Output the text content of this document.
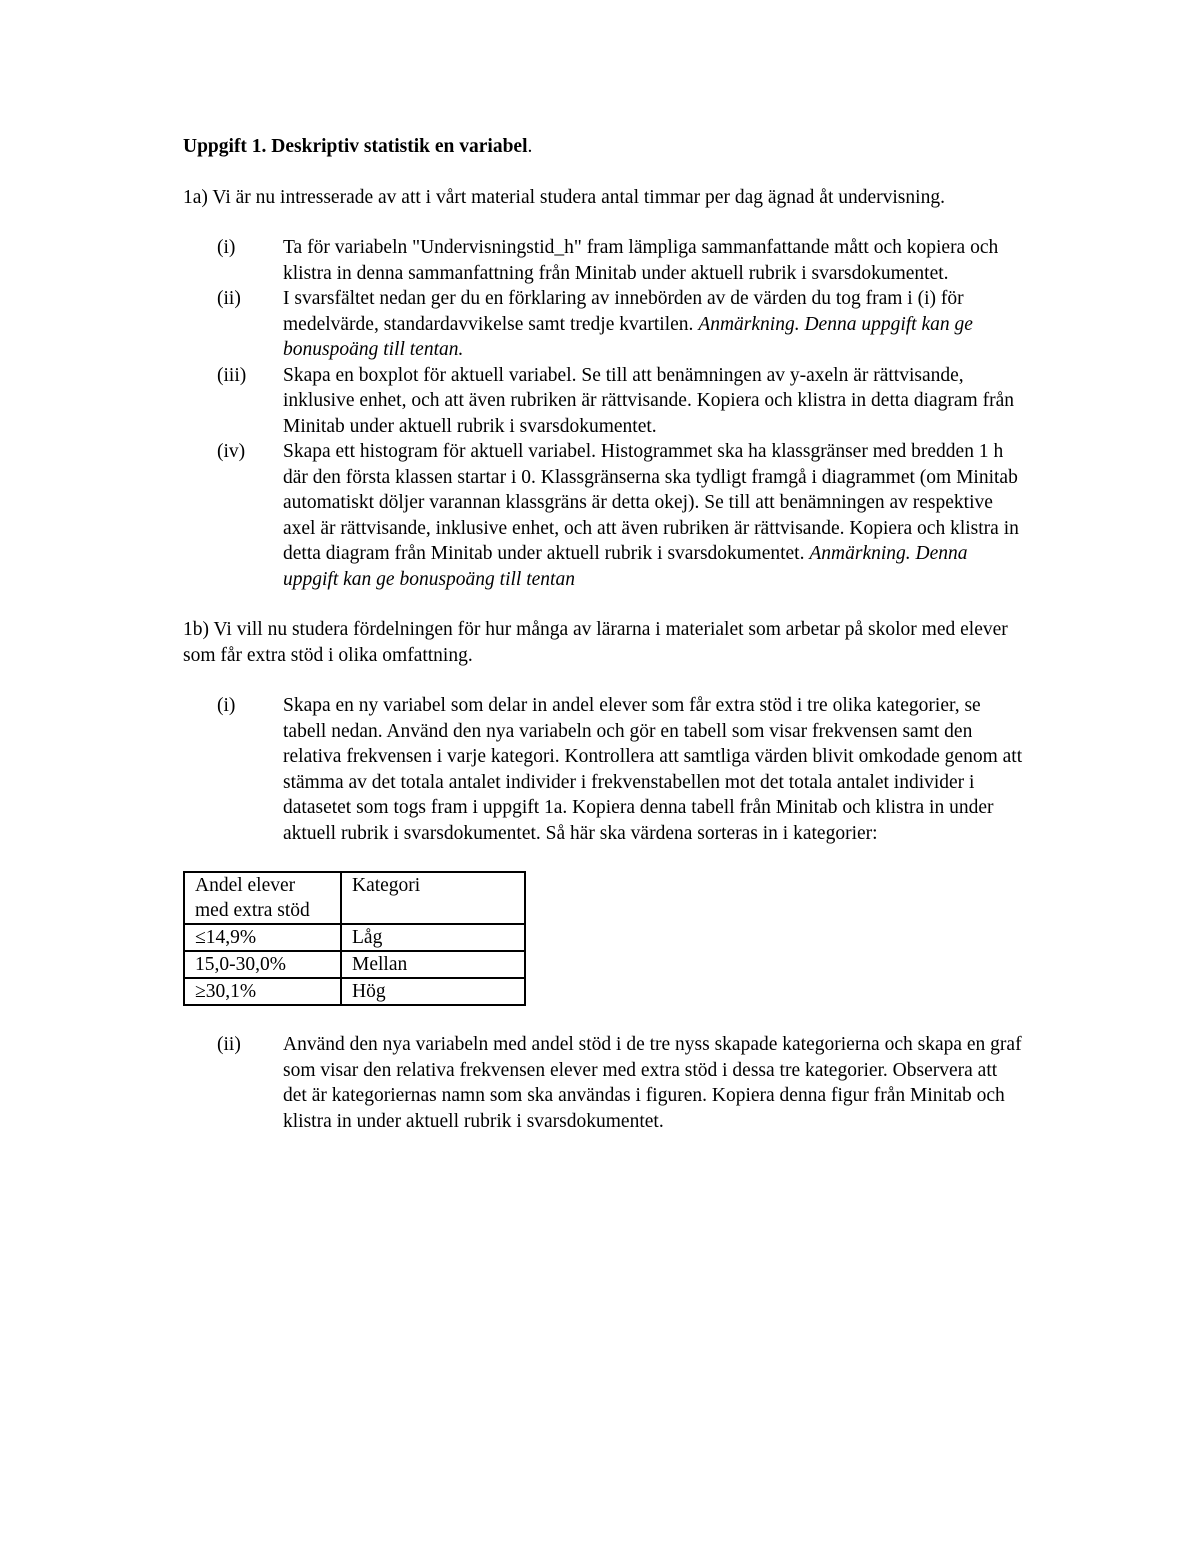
Uppgift 1. Deskriptiv statistik en variabel.

1a) Vi är nu intresserade av att i vårt material studera antal timmar per dag ägnad åt undervisning.

(i)	Ta för variabeln "Undervisningstid_h" fram lämpliga sammanfattande mått och kopiera och klistra in denna sammanfattning från Minitab under aktuell rubrik i svarsdokumentet.
(ii)	I svarsfältet nedan ger du en förklaring av innebörden av de värden du tog fram i (i) för medelvärde, standardavvikelse samt tredje kvartilen. Anmärkning. Denna uppgift kan ge bonuspoäng till tentan.
(iii)	Skapa en boxplot för aktuell variabel. Se till att benämningen av y-axeln är rättvisande, inklusive enhet, och att även rubriken är rättvisande. Kopiera och klistra in detta diagram från Minitab under aktuell rubrik i svarsdokumentet.
(iv)	Skapa ett histogram för aktuell variabel. Histogrammet ska ha klassgränser med bredden 1 h där den första klassen startar i 0. Klassgränserna ska tydligt framgå i diagrammet (om Minitab automatiskt döljer varannan klassgräns är detta okej). Se till att benämningen av respektive axel är rättvisande, inklusive enhet, och att även rubriken är rättvisande. Kopiera och klistra in detta diagram från Minitab under aktuell rubrik i svarsdokumentet. Anmärkning. Denna uppgift kan ge bonuspoäng till tentan

1b) Vi vill nu studera fördelningen för hur många av lärarna i materialet som arbetar på skolor med elever som får extra stöd i olika omfattning.

(i)	Skapa en ny variabel som delar in andel elever som får extra stöd i tre olika kategorier, se tabell nedan. Använd den nya variabeln och gör en tabell som visar frekvensen samt den relativa frekvensen i varje kategori. Kontrollera att samtliga värden blivit omkodade genom att stämma av det totala antalet individer i frekvenstabellen mot det totala antalet individer i datasetet som togs fram i uppgift 1a. Kopiera denna tabell från Minitab och klistra in under aktuell rubrik i svarsdokumentet. Så här ska värdena sorteras in i kategorier:
Andel elever med extra stöd	Kategori
≤14,9%	Låg
15,0-30,0%	Mellan
≥30,1%	Hög
(ii)	Använd den nya variabeln med andel stöd i de tre nyss skapade kategorierna och skapa en graf som visar den relativa frekvensen elever med extra stöd i dessa tre kategorier. Observera att det är kategoriernas namn som ska användas i figuren. Kopiera denna figur från Minitab och klistra in under aktuell rubrik i svarsdokumentet.
